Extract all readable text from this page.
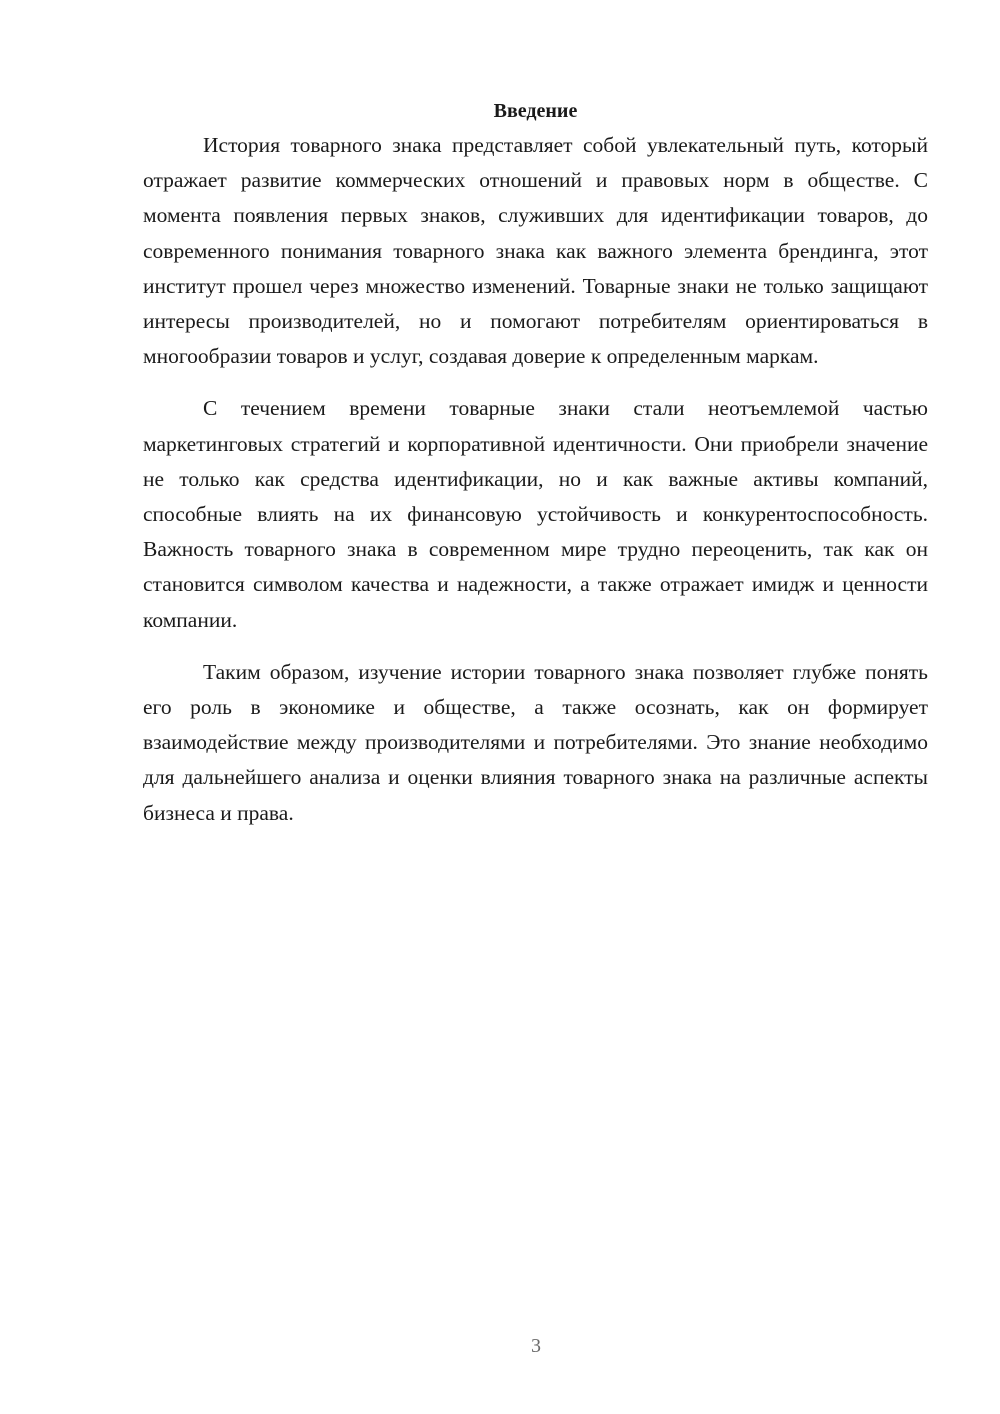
Введение

История товарного знака представляет собой увлекательный путь, который отражает развитие коммерческих отношений и правовых норм в обществе. С момента появления первых знаков, служивших для идентификации товаров, до современного понимания товарного знака как важного элемента брендинга, этот институт прошел через множество изменений. Товарные знаки не только защищают интересы производителей, но и помогают потребителям ориентироваться в многообразии товаров и услуг, создавая доверие к определенным маркам.

С течением времени товарные знаки стали неотъемлемой частью маркетинговых стратегий и корпоративной идентичности. Они приобрели значение не только как средства идентификации, но и как важные активы компаний, способные влиять на их финансовую устойчивость и конкурентоспособность. Важность товарного знака в современном мире трудно переоценить, так как он становится символом качества и надежности, а также отражает имидж и ценности компании.

Таким образом, изучение истории товарного знака позволяет глубже понять его роль в экономике и обществе, а также осознать, как он формирует взаимодействие между производителями и потребителями. Это знание необходимо для дальнейшего анализа и оценки влияния товарного знака на различные аспекты бизнеса и права.

3
